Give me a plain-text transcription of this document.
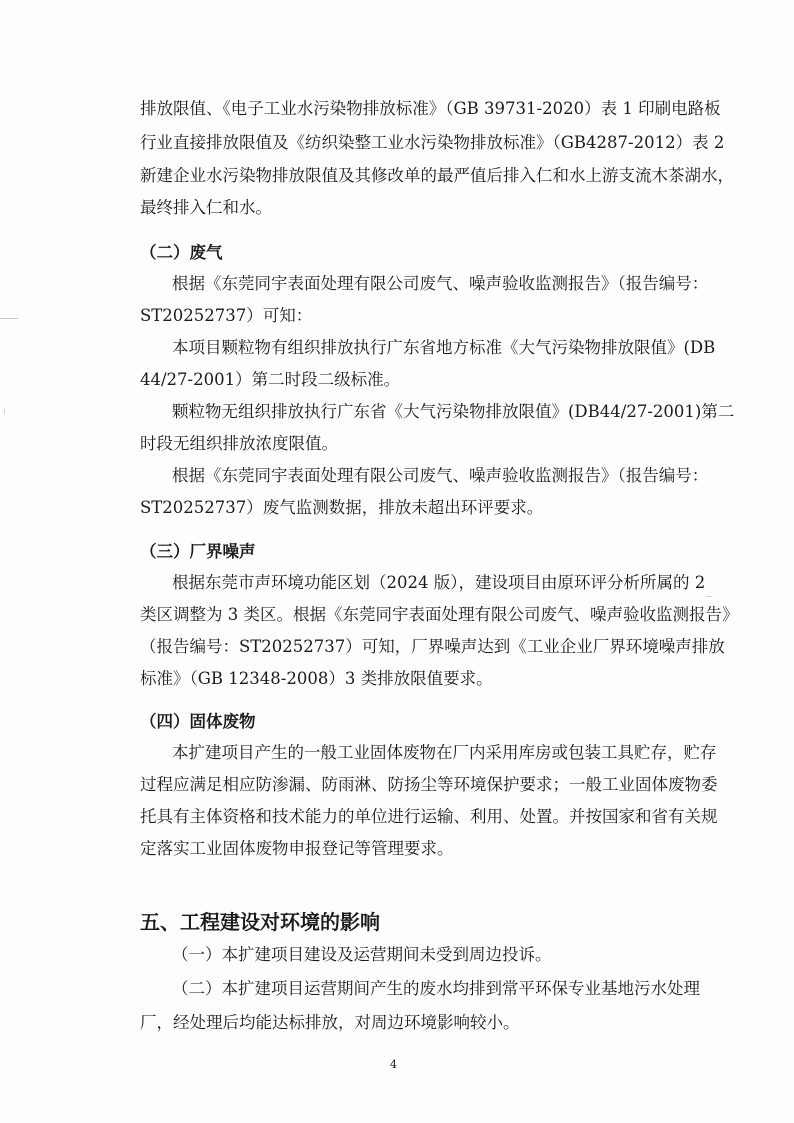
排放限值、《电子工业水污染物排放标准》（GB 39731-2020）表 1 印刷电路板
行业直接排放限值及《纺织染整工业水污染物排放标准》（GB4287-2012）表 2
新建企业水污染物排放限值及其修改单的最严值后排入仁和水上游支流木茶湖水，
最终排入仁和水。
（二）废气
根据《东莞同宇表面处理有限公司废气、噪声验收监测报告》（报告编号：
ST20252737）可知：
本项目颗粒物有组织排放执行广东省地方标准《大气污染物排放限值》(DB
44/27-2001）第二时段二级标准。
颗粒物无组织排放执行广东省《大气污染物排放限值》(DB44/27-2001)第二
时段无组织排放浓度限值。
根据《东莞同宇表面处理有限公司废气、噪声验收监测报告》（报告编号：
ST20252737）废气监测数据，排放未超出环评要求。
（三）厂界噪声
根据东莞市声环境功能区划（2024 版），建设项目由原环评分析所属的 2
类区调整为 3 类区。根据《东莞同宇表面处理有限公司废气、噪声验收监测报告》
（报告编号：ST20252737）可知，厂界噪声达到《工业企业厂界环境噪声排放
标准》（GB 12348-2008）3 类排放限值要求。
（四）固体废物
本扩建项目产生的一般工业固体废物在厂内采用库房或包装工具贮存，贮存
过程应满足相应防渗漏、防雨淋、防扬尘等环境保护要求；一般工业固体废物委
托具有主体资格和技术能力的单位进行运输、利用、处置。并按国家和省有关规
定落实工业固体废物申报登记等管理要求。
五、工程建设对环境的影响
（一）本扩建项目建设及运营期间未受到周边投诉。
（二）本扩建项目运营期间产生的废水均排到常平环保专业基地污水处理
厂，经处理后均能达标排放，对周边环境影响较小。
4
